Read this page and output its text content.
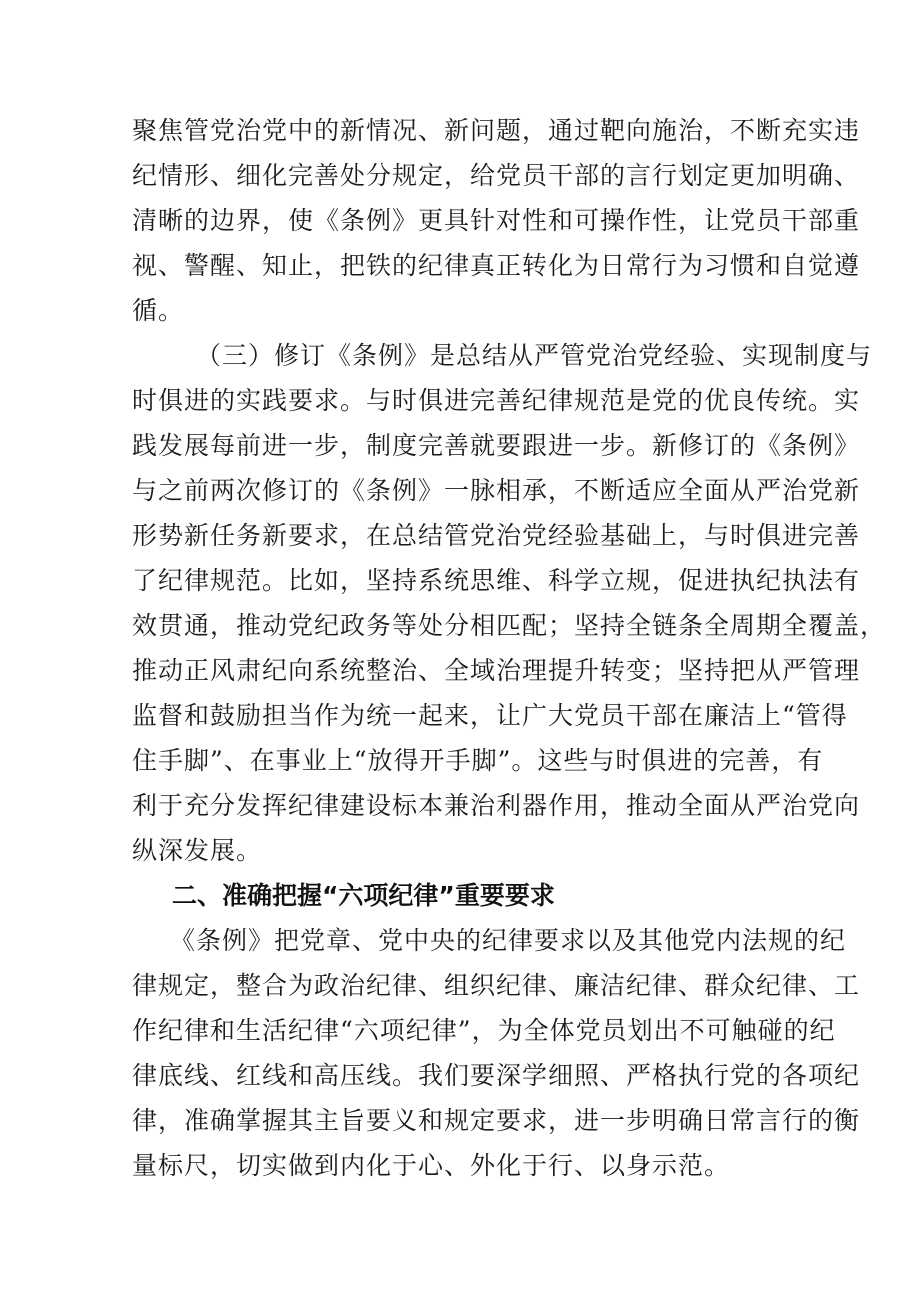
聚焦管党治党中的新情况、新问题，通过靶向施治，不断充实违
纪情形、细化完善处分规定，给党员干部的言行划定更加明确、
清晰的边界，使《条例》更具针对性和可操作性，让党员干部重
视、警醒、知止，把铁的纪律真正转化为日常行为习惯和自觉遵
循。
（三）修订《条例》是总结从严管党治党经验、实现制度与
时俱进的实践要求。与时俱进完善纪律规范是党的优良传统。实
践发展每前进一步，制度完善就要跟进一步。新修订的《条例》
与之前两次修订的《条例》一脉相承，不断适应全面从严治党新
形势新任务新要求，在总结管党治党经验基础上，与时俱进完善
了纪律规范。比如，坚持系统思维、科学立规，促进执纪执法有
效贯通，推动党纪政务等处分相匹配；坚持全链条全周期全覆盖，
推动正风肃纪向系统整治、全域治理提升转变；坚持把从严管理
监督和鼓励担当作为统一起来，让广大党员干部在廉洁上“管得
住手脚”、在事业上“放得开手脚”。这些与时俱进的完善，有
利于充分发挥纪律建设标本兼治利器作用，推动全面从严治党向
纵深发展。
二、准确把握“六项纪律”重要要求
《条例》把党章、党中央的纪律要求以及其他党内法规的纪
律规定，整合为政治纪律、组织纪律、廉洁纪律、群众纪律、工
作纪律和生活纪律“六项纪律”，为全体党员划出不可触碰的纪
律底线、红线和高压线。我们要深学细照、严格执行党的各项纪
律，准确掌握其主旨要义和规定要求，进一步明确日常言行的衡
量标尺，切实做到内化于心、外化于行、以身示范。
